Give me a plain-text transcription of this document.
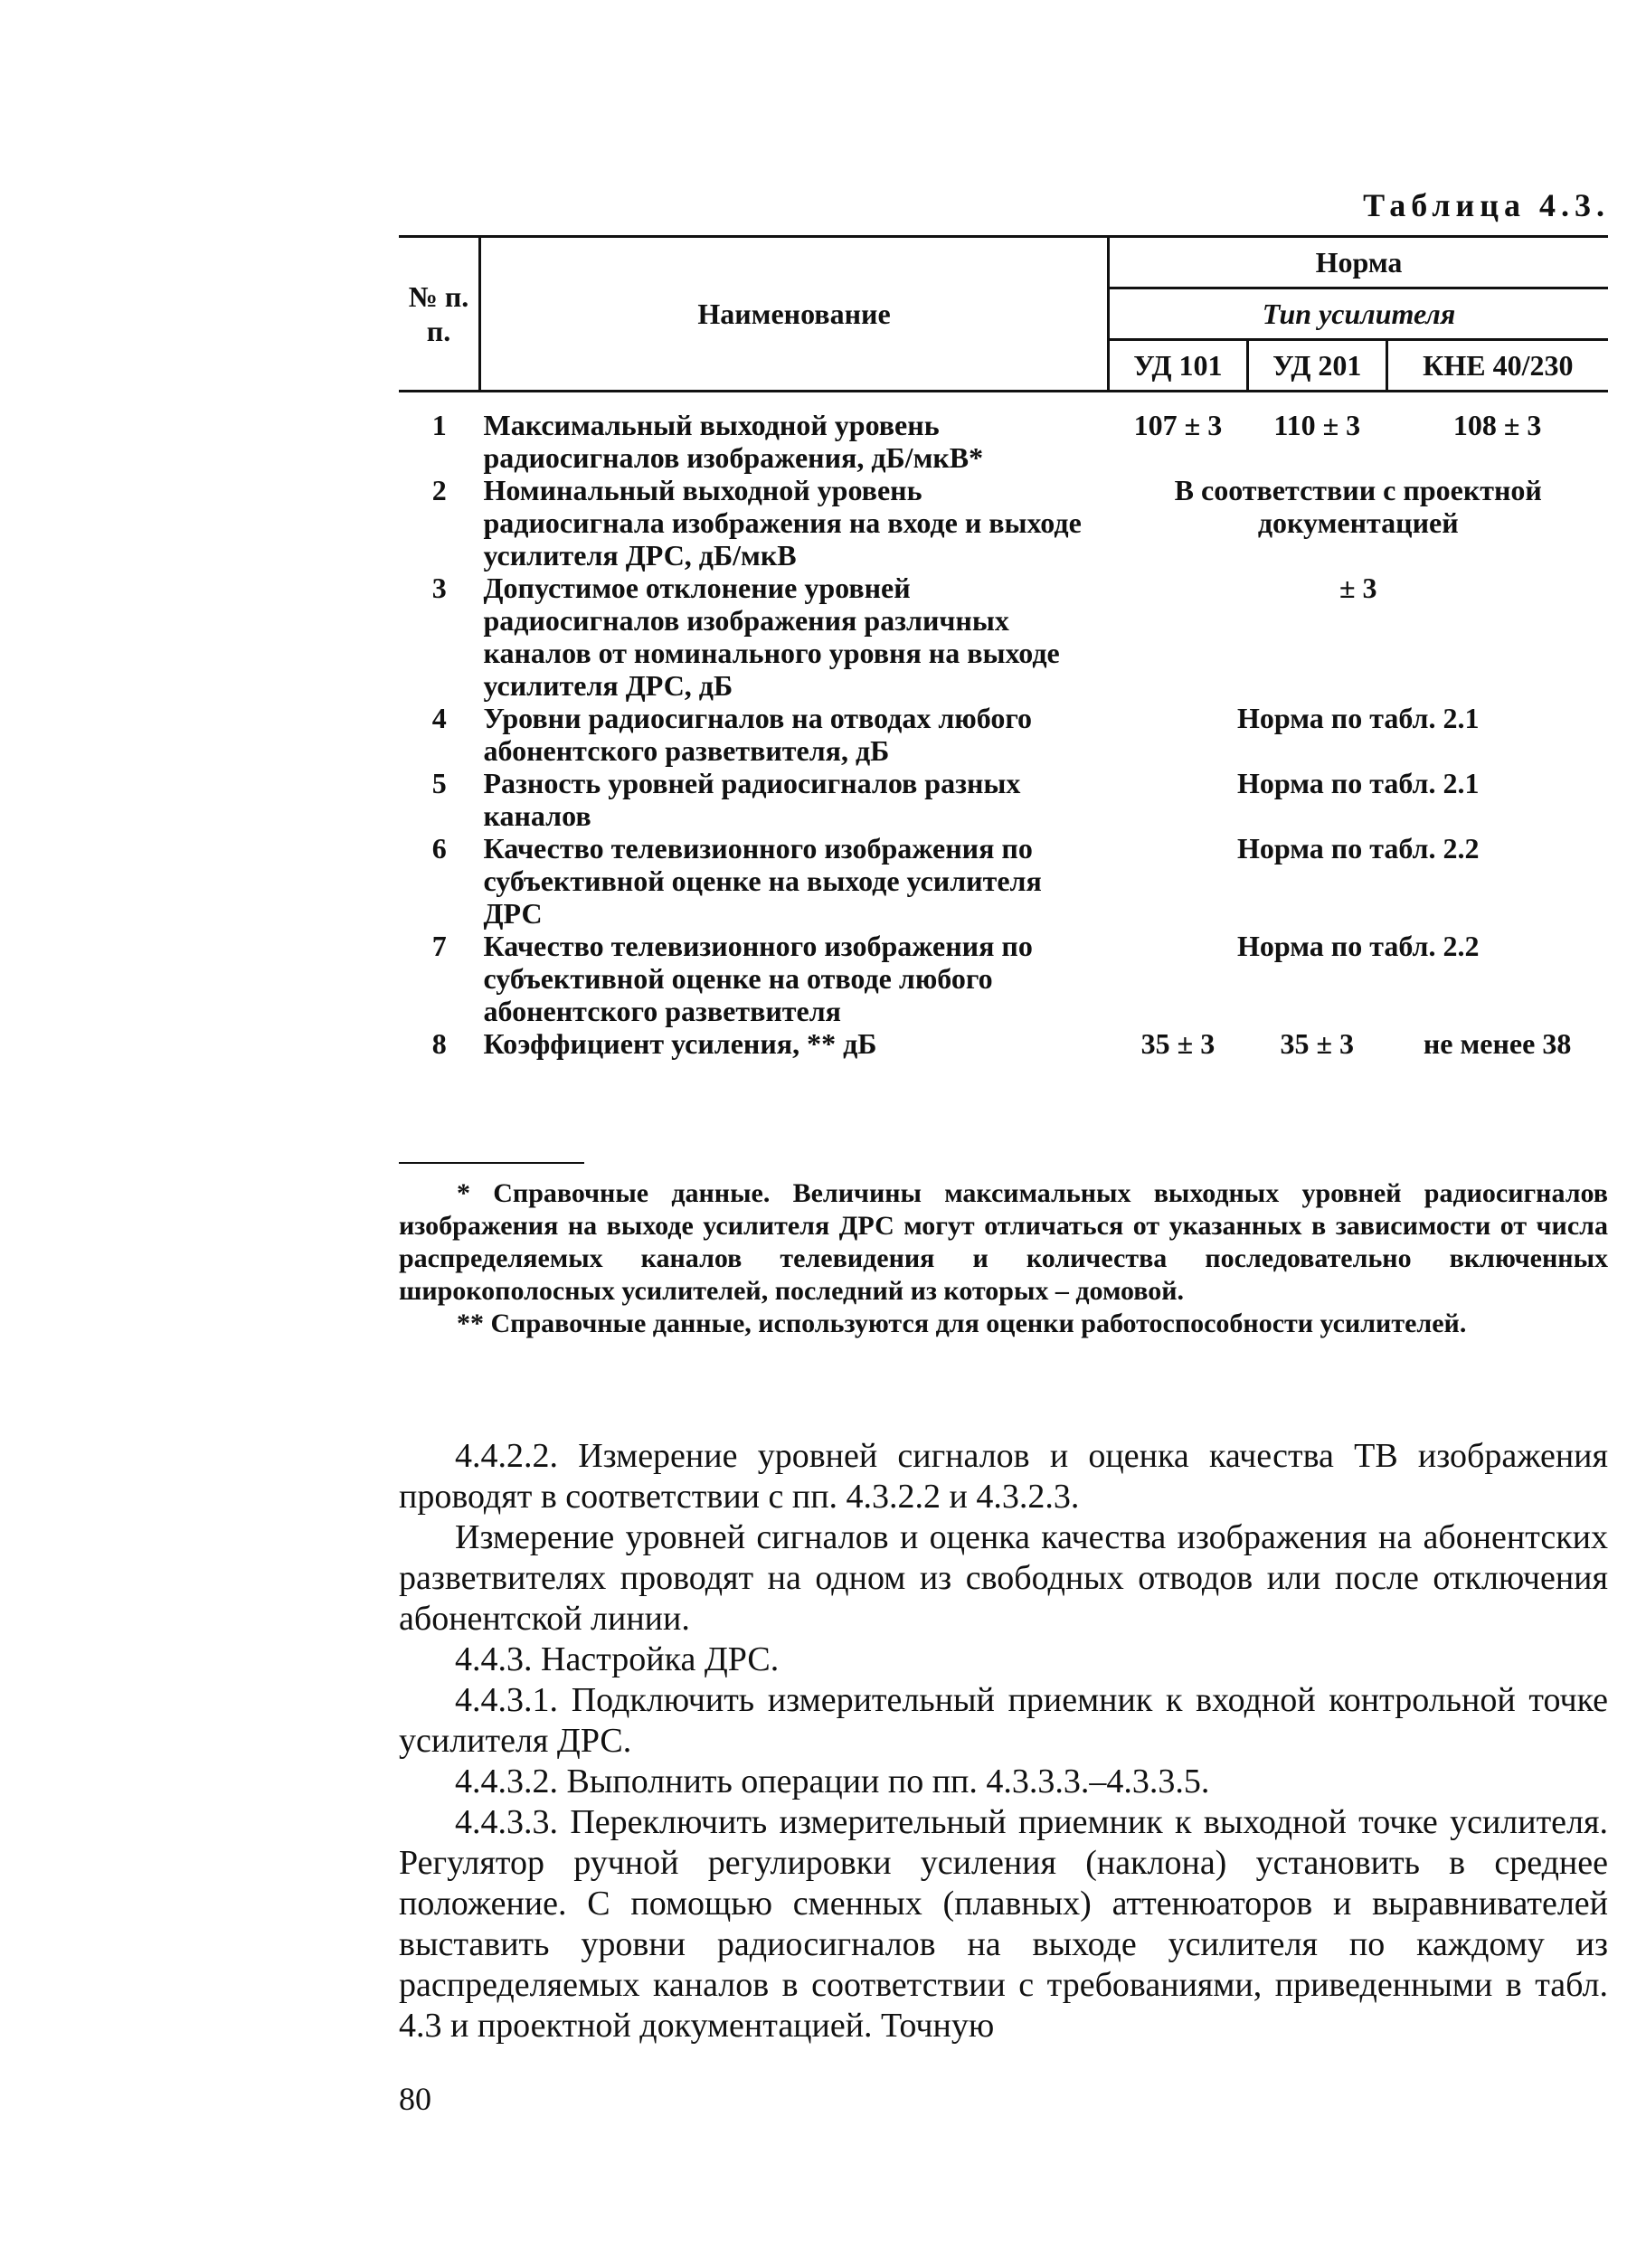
Таблица 4.3.
№ п. п.	Наименование	Норма		
		Тип усилителя		
		УД 101	УД 201	КНЕ 40/230
1	Максимальный выходной уровень радиосигналов изображения, дБ/мкВ*	107 ± 3	110 ± 3	108 ± 3
2	Номинальный выходной уровень радиосигнала изображения на входе и выходе усилителя ДРС, дБ/мкВ	В соответствии с проектной документацией		
3	Допустимое отклонение уровней радиосигналов изображения различных каналов от номинального уровня на выходе усилителя ДРС, дБ	± 3		
4	Уровни радиосигналов на отводах любого абонентского разветвителя, дБ	Норма по табл. 2.1		
5	Разность уровней радиосигналов разных каналов	Норма по табл. 2.1		
6	Качество телевизионного изображения по субъективной оценке на выходе усилителя ДРС	Норма по табл. 2.2		
7	Качество телевизионного изображения по субъективной оценке на отводе любого абонентского разветвителя	Норма по табл. 2.2		
8	Коэффициент усиления, ** дБ	35 ± 3	35 ± 3	не менее 38

* Справочные данные. Величины максимальных выходных уровней радиосигналов изображения на выходе усилителя ДРС могут отличаться от указанных в зависимости от числа распределяемых каналов телевидения и количества последовательно включенных широкополосных усилителей, последний из которых – домовой.

** Справочные данные, используются для оценки работоспособности усилителей.

4.4.2.2. Измерение уровней сигналов и оценка качества ТВ изображения проводят в соответствии с пп. 4.3.2.2 и 4.3.2.3.

Измерение уровней сигналов и оценка качества изображения на абонентских разветвителях проводят на одном из свободных отводов или после отключения абонентской линии.

4.4.3. Настройка ДРС.

4.4.3.1. Подключить измерительный приемник к входной контрольной точке усилителя ДРС.

4.4.3.2. Выполнить операции по пп. 4.3.3.3.–4.3.3.5.

4.4.3.3. Переключить измерительный приемник к выходной точке усилителя. Регулятор ручной регулировки усиления (наклона) установить в среднее положение. С помощью сменных (плавных) аттенюаторов и выравнивателей выставить уровни радиосигналов на выходе усилителя по каждому из распределяемых каналов в соответствии с требованиями, приведенными в табл. 4.3 и проектной документацией. Точную

80
